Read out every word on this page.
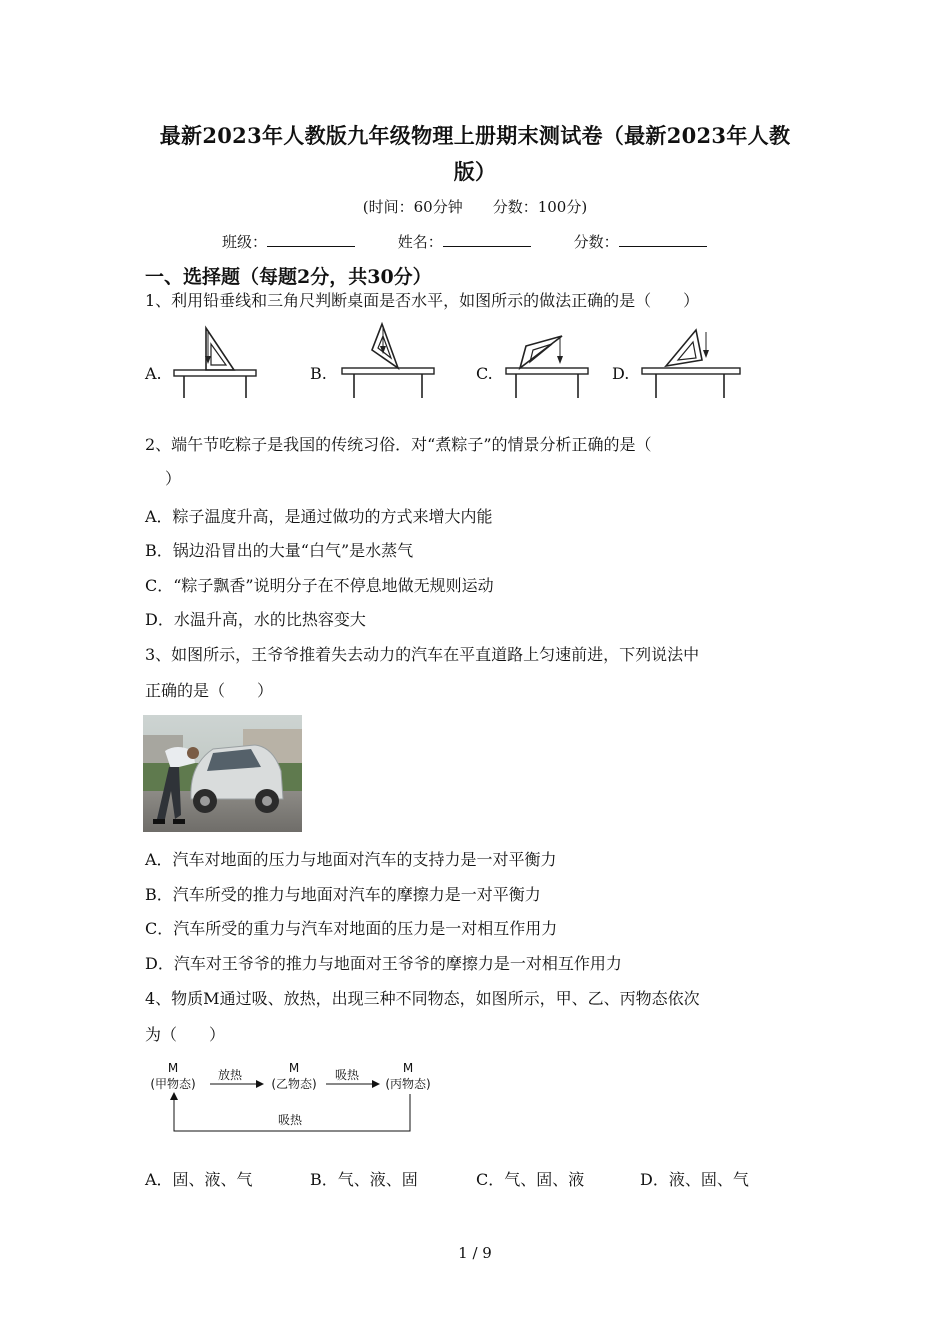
最新2023年人教版九年级物理上册期末测试卷（最新2023年人教
版）
(时间：60分钟　　分数：100分)
班级：	姓名：	分数：
一、选择题（每题2分，共30分）
1、利用铅垂线和三角尺判断桌面是否水平，如图所示的做法正确的是（　　）
A.	B.	C.	D.
2、端午节吃粽子是我国的传统习俗．对“煮粽子”的情景分析正确的是（
）
A．粽子温度升高，是通过做功的方式来增大内能
B．锅边沿冒出的大量“白气”是水蒸气
C．“粽子飘香”说明分子在不停息地做无规则运动
D．水温升高，水的比热容变大
3、如图所示，王爷爷推着失去动力的汽车在平直道路上匀速前进，下列说法中
正确的是（　　）
A．汽车对地面的压力与地面对汽车的支持力是一对平衡力
B．汽车所受的推力与地面对汽车的摩擦力是一对平衡力
C．汽车所受的重力与汽车对地面的压力是一对相互作用力
D．汽车对王爷爷的推力与地面对王爷爷的摩擦力是一对相互作用力
4、物质M通过吸、放热，出现三种不同物态，如图所示，甲、乙、丙物态依次
为（　　）
M
(甲物态)
M
(乙物态)
M
(丙物态)
放热	吸热
吸热
A．固、液、气	B．气、液、固	C．气、固、液	D．液、固、气
1 / 9
